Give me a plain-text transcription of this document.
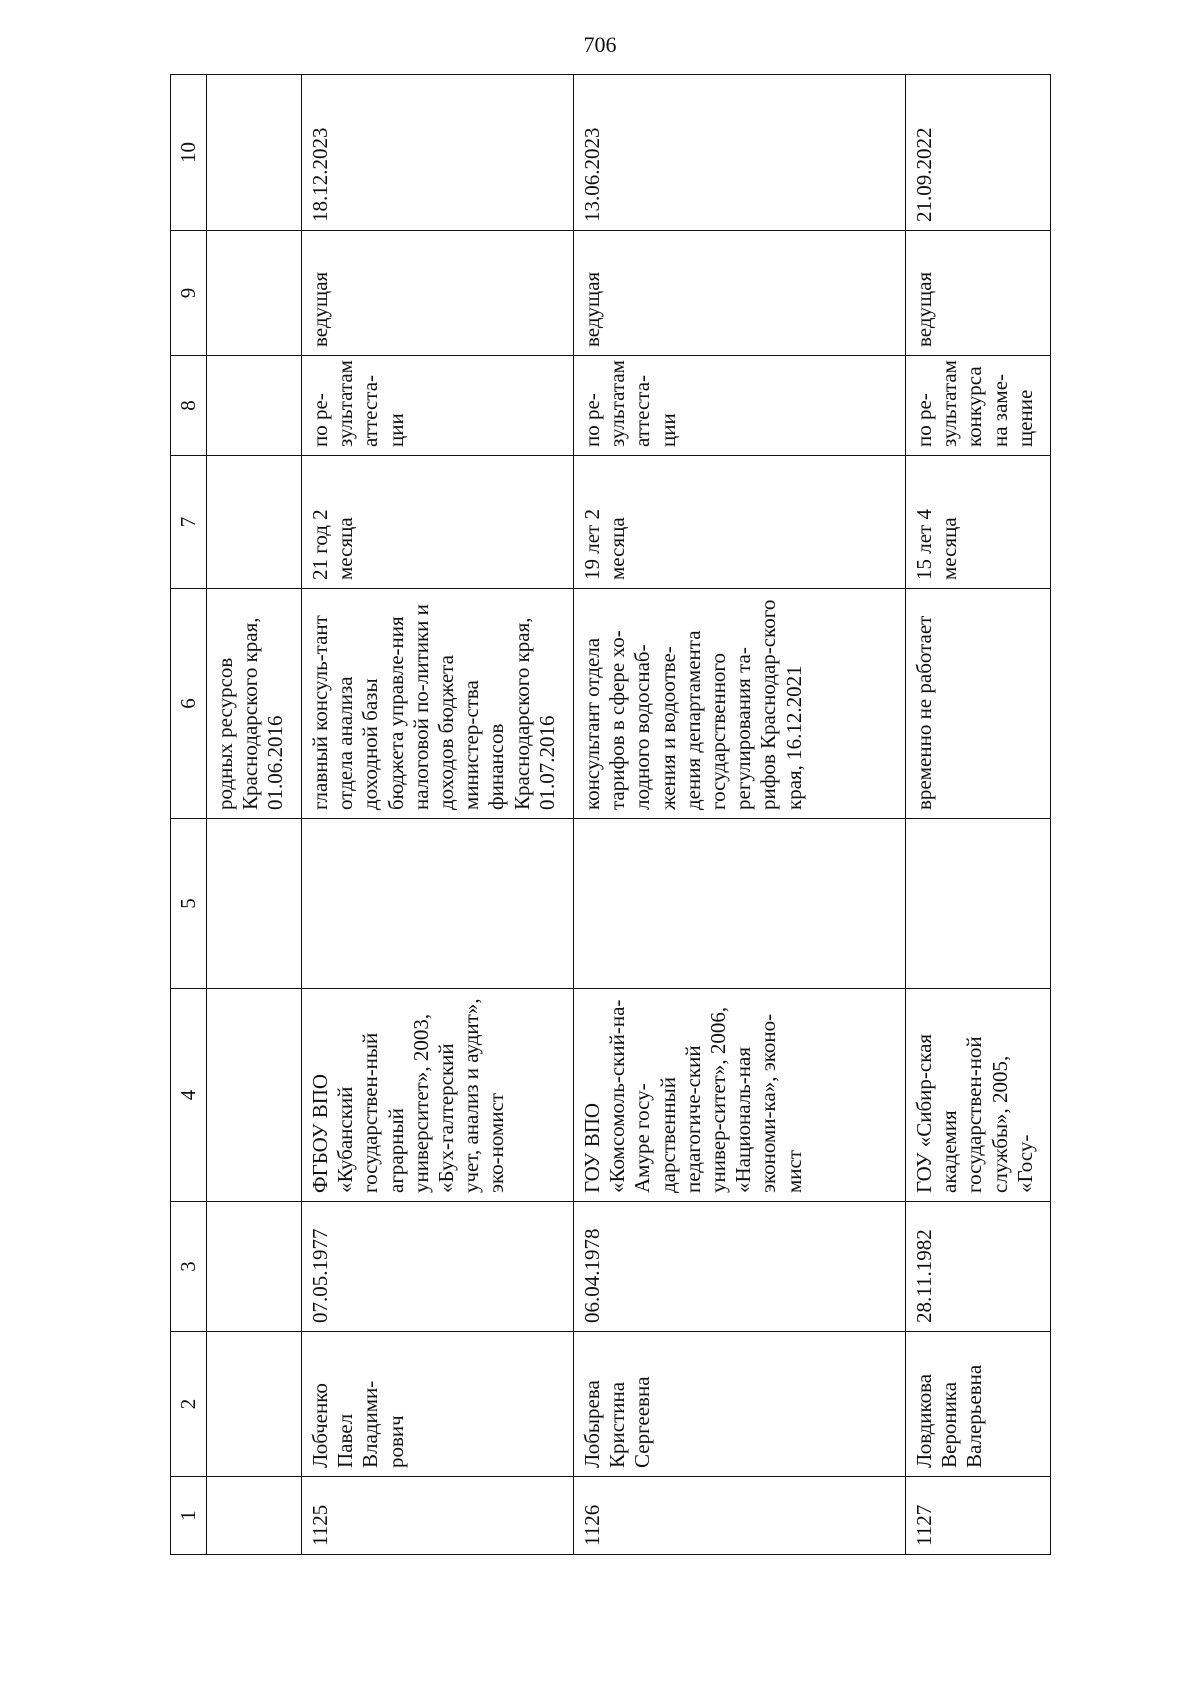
706
1	2	3	4	5	6	7	8	9	10
					родных ресурсов Краснодарского края, 01.06.2016				
1125	Лобченко Павел Владими-рович	07.05.1977	ФГБОУ ВПО «Кубанский государствен-ный аграрный университет», 2003, «Бух-галтерский учет, анализ и аудит», эко-номист		главный консуль-тант отдела анализа доходной базы бюджета управле-ния налоговой по-литики и доходов бюджета министер-ства финансов Краснодарского края, 01.07.2016	21 год 2 месяца	по ре-зультатам аттеста-ции	ведущая	18.12.2023
1126	Лобырева Кристина Сергеевна	06.04.1978	ГОУ ВПО «Комсомоль-ский-на-Амуре госу-дарственный педагогиче-ский универ-ситет», 2006, «Националь-ная экономи-ка», эконо-мист		консультант отдела тарифов в сфере хо-лодного водоснаб-жения и водоотве-дения департамента государственного регулирования та-рифов Краснодар-ского края, 16.12.2021	19 лет 2 месяца	по ре-зультатам аттеста-ции	ведущая	13.06.2023
1127	Ловдикова Вероника Валерьевна	28.11.1982	ГОУ «Сибир-ская академия государствен-ной службы», 2005, «Госу-		временно не работает	15 лет 4 месяца	по ре-зультатам конкурса на заме-щение	ведущая	21.09.2022
